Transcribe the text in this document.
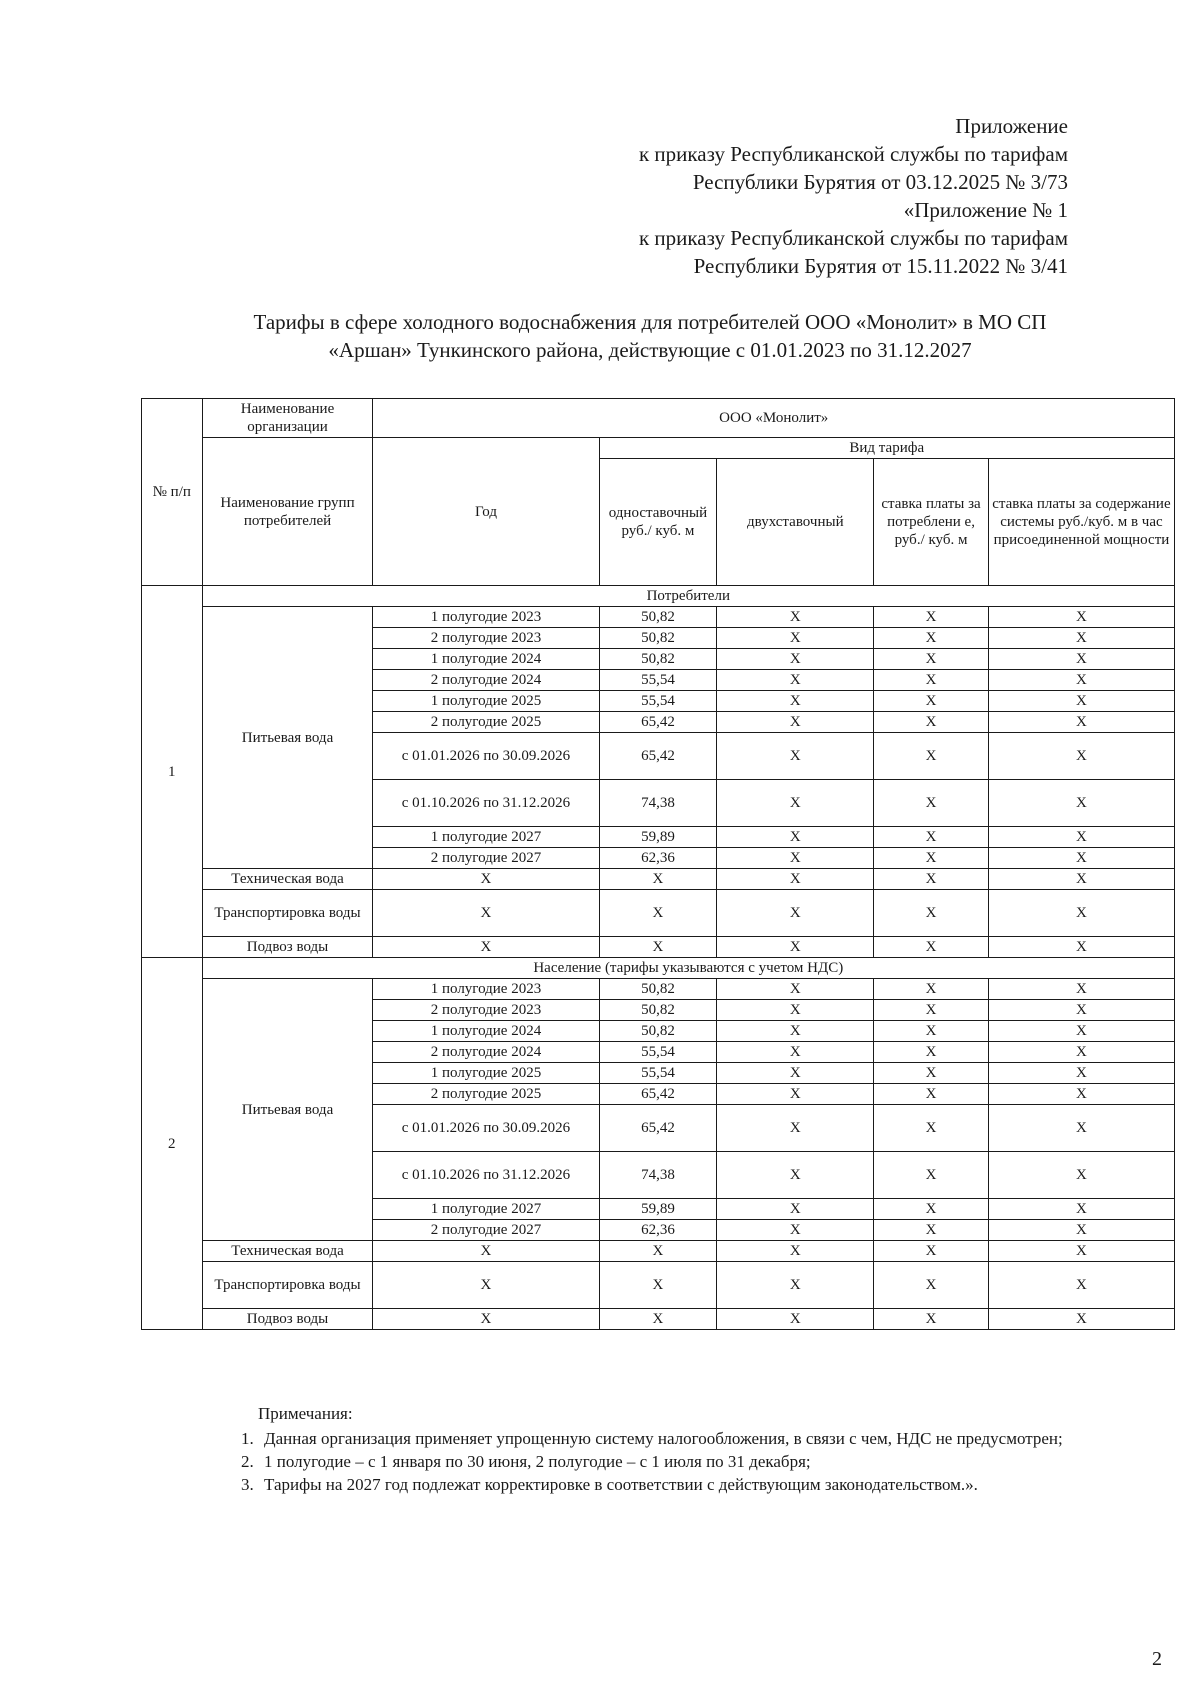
Приложение
к приказу Республиканской службы по тарифам
Республики Бурятия от 03.12.2025 № 3/73
«Приложение № 1
к приказу Республиканской службы по тарифам
Республики Бурятия от 15.11.2022 № 3/41
Тарифы в сфере холодного водоснабжения для потребителей ООО «Монолит» в МО СП
«Аршан» Тункинского района, действующие с 01.01.2023 по 31.12.2027
№ п/п	Наименование организации	ООО «Монолит»				
	Наименование групп потребителей	Год	Вид тарифа			
			одноставочный руб./ куб. м	двухставочный	ставка платы за потреблени е, руб./ куб. м	ставка платы за содержание системы руб./куб. м в час присоединенной мощности
1	Потребители					
	Питьевая вода	1 полугодие 2023	50,82	Х	Х	Х
		2 полугодие 2023	50,82	Х	Х	Х
		1 полугодие 2024	50,82	Х	Х	Х
		2 полугодие 2024	55,54	Х	Х	Х
		1 полугодие 2025	55,54	Х	Х	Х
		2 полугодие 2025	65,42	Х	Х	Х
		с 01.01.2026 по 30.09.2026	65,42	Х	Х	Х
		с 01.10.2026 по 31.12.2026	74,38	Х	Х	Х
		1 полугодие 2027	59,89	Х	Х	Х
		2 полугодие 2027	62,36	Х	Х	Х
	Техническая вода	Х	Х	Х	Х	Х
	Транспортировка воды	Х	Х	Х	Х	Х
	Подвоз воды	Х	Х	Х	Х	Х
2	Население (тарифы указываются с учетом НДС)					
	Питьевая вода	1 полугодие 2023	50,82	Х	Х	Х
		2 полугодие 2023	50,82	Х	Х	Х
		1 полугодие 2024	50,82	Х	Х	Х
		2 полугодие 2024	55,54	Х	Х	Х
		1 полугодие 2025	55,54	Х	Х	Х
		2 полугодие 2025	65,42	Х	Х	Х
		с 01.01.2026 по 30.09.2026	65,42	Х	Х	Х
		с 01.10.2026 по 31.12.2026	74,38	Х	Х	Х
		1 полугодие 2027	59,89	Х	Х	Х
		2 полугодие 2027	62,36	Х	Х	Х
	Техническая вода	Х	Х	Х	Х	Х
	Транспортировка воды	Х	Х	Х	Х	Х
	Подвоз воды	Х	Х	Х	Х	Х
Примечания:
1. Данная организация применяет упрощенную систему налогообложения, в связи с чем, НДС не предусмотрен;
2. 1 полугодие – с 1 января по 30 июня, 2 полугодие – с 1 июля по 31 декабря;
3. Тарифы на 2027 год подлежат корректировке в соответствии с действующим законодательством.».
2
